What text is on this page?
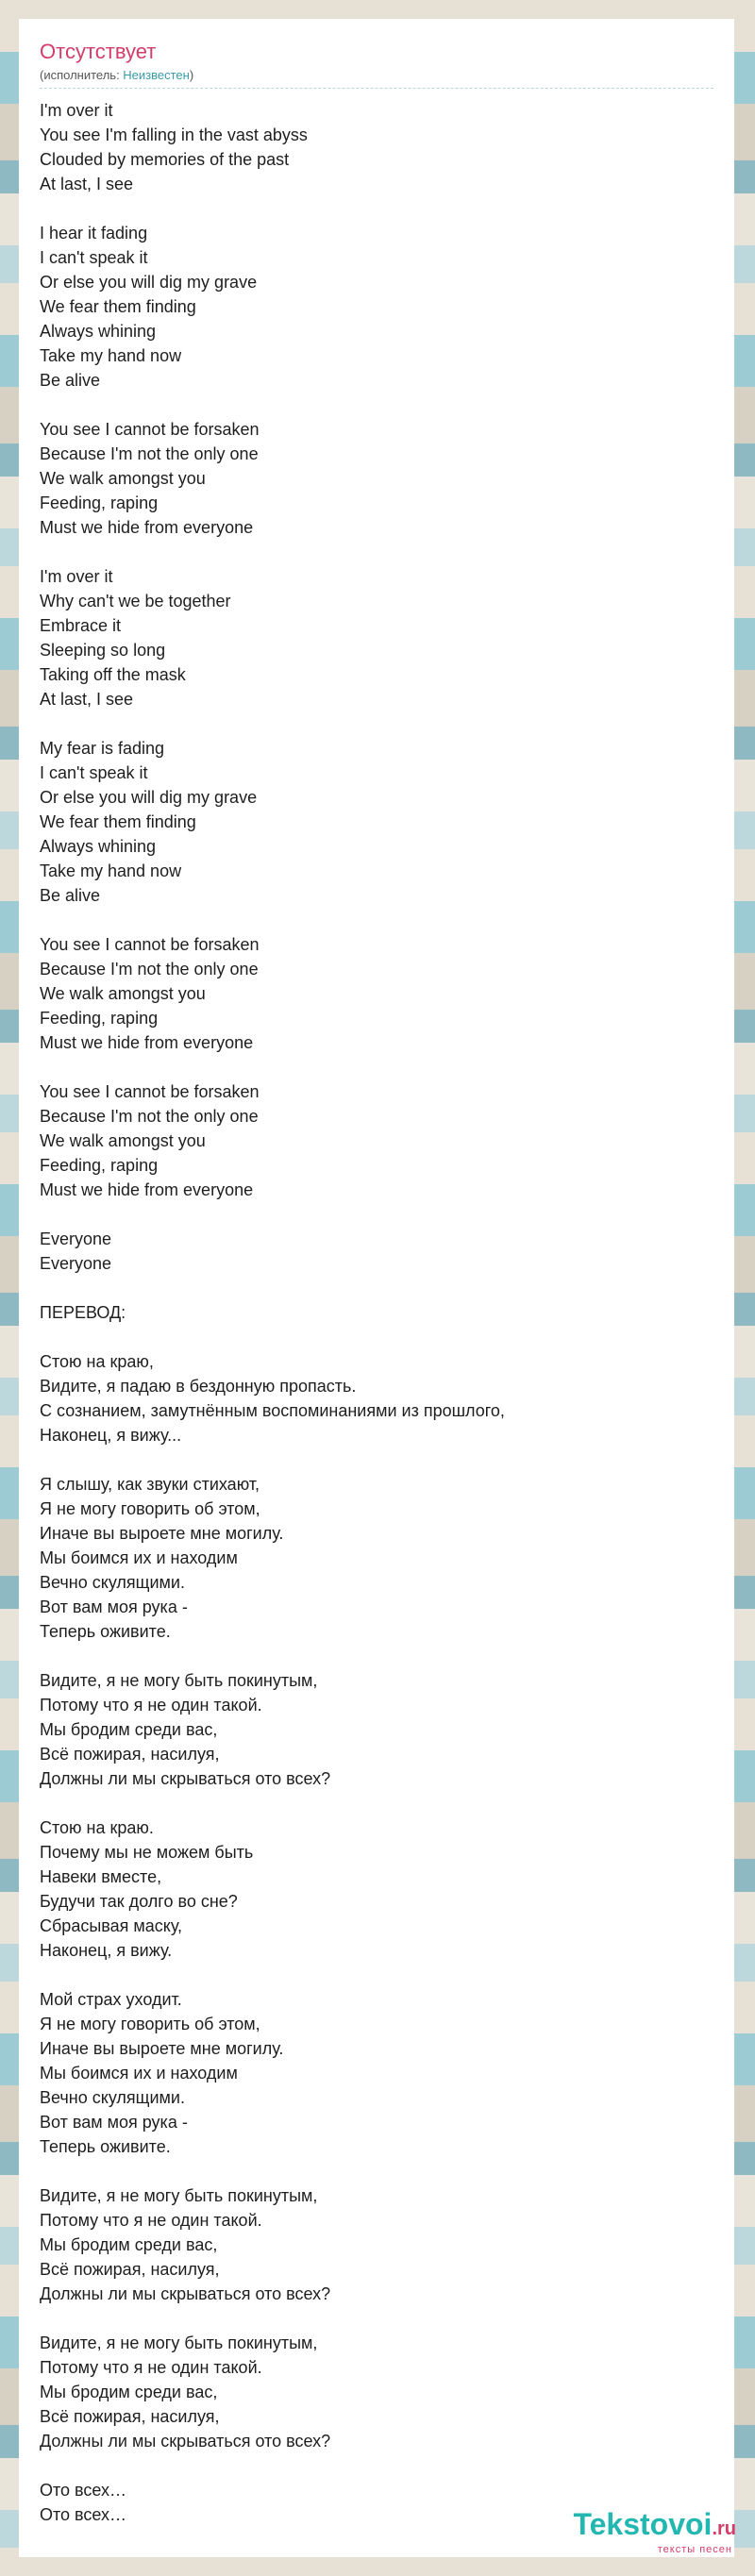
Отсутствует
(исполнитель: Неизвестен)
I'm over it
You see I'm falling in the vast abyss
Clouded by memories of the past
At last, I see

I hear it fading
I can't speak it
Or else you will dig my grave
We fear them finding
Always whining
Take my hand now
Be alive

You see I cannot be forsaken
Because I'm not the only one
We walk amongst you
Feeding, raping
Must we hide from everyone

I'm over it
Why can't we be together
Embrace it
Sleeping so long
Taking off the mask
At last, I see

My fear is fading
I can't speak it
Or else you will dig my grave
We fear them finding
Always whining
Take my hand now
Be alive

You see I cannot be forsaken
Because I'm not the only one
We walk amongst you
Feeding, raping
Must we hide from everyone

You see I cannot be forsaken
Because I'm not the only one
We walk amongst you
Feeding, raping
Must we hide from everyone

Everyone
Everyone

ПЕРЕВОД:

Стою на краю,
Видите, я падаю в бездонную пропасть.
С сознанием, замутнённым воспоминаниями из прошлого,
Наконец, я вижу...

Я слышу, как звуки стихают,
Я не могу говорить об этом,
Иначе вы выроете мне могилу.
Мы боимся их и находим
Вечно скулящими.
Вот вам моя рука -
Теперь оживите.

Видите, я не могу быть покинутым,
Потому что я не один такой.
Мы бродим среди вас,
Всё пожирая, насилуя,
Должны ли мы скрываться ото всех?

Стою на краю.
Почему мы не можем быть
Навеки вместе,
Будучи так долго во сне?
Сбрасывая маску,
Наконец, я вижу.

Мой страх уходит.
Я не могу говорить об этом,
Иначе вы выроете мне могилу.
Мы боимся их и находим
Вечно скулящими.
Вот вам моя рука -
Теперь оживите.

Видите, я не могу быть покинутым,
Потому что я не один такой.
Мы бродим среди вас,
Всё пожирая, насилуя,
Должны ли мы скрываться ото всех?

Видите, я не могу быть покинутым,
Потому что я не один такой.
Мы бродим среди вас,
Всё пожирая, насилуя,
Должны ли мы скрываться ото всех?

Ото всех…
Ото всех…	Tekstovoi.ru
тексты песен
